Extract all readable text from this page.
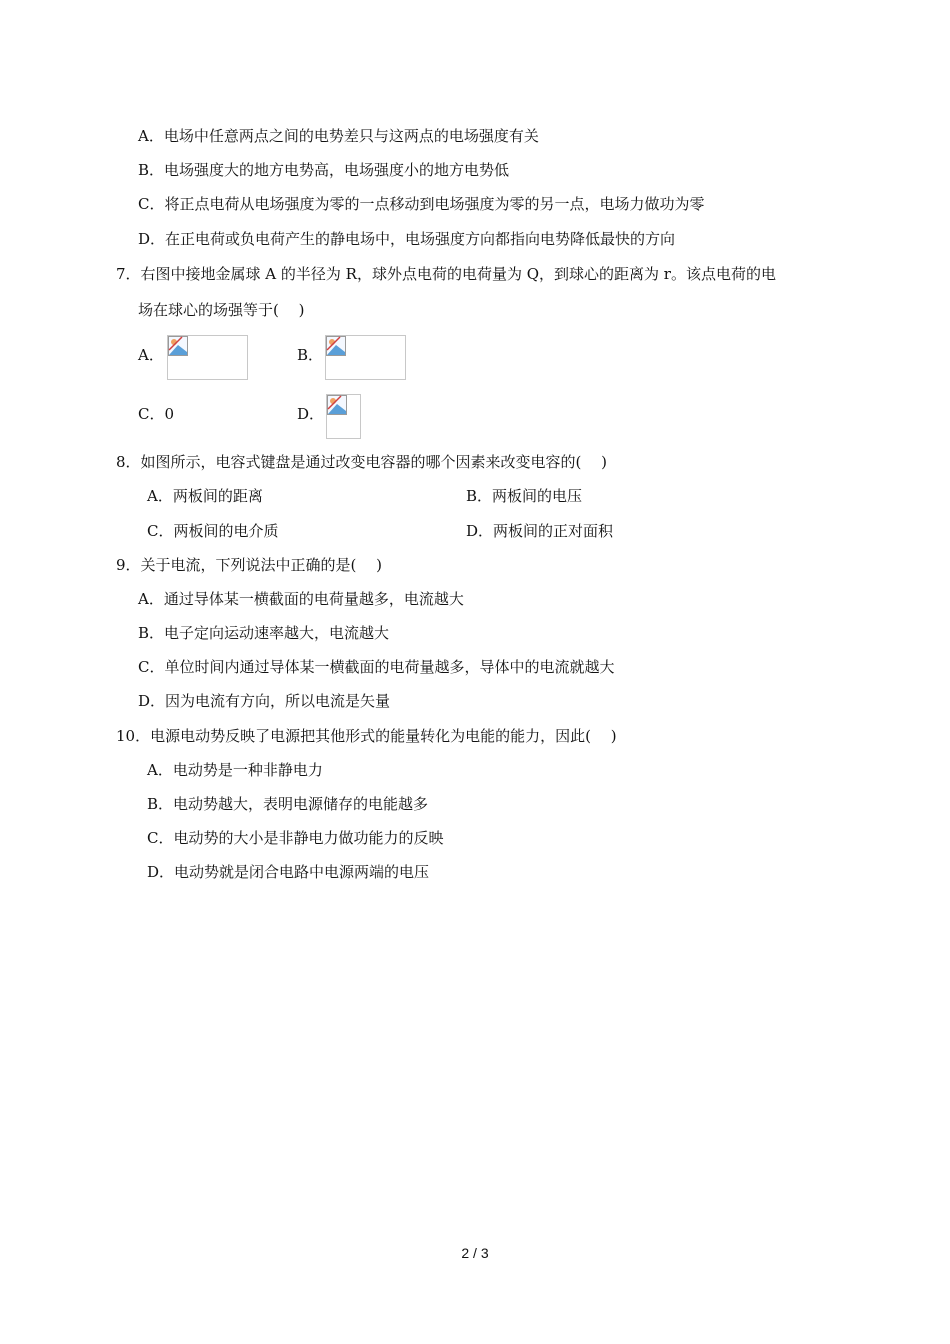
A．电场中任意两点之间的电势差只与这两点的电场强度有关
B．电场强度大的地方电势高，电场强度小的地方电势低
C．将正点电荷从电场强度为零的一点移动到电场强度为零的另一点，电场力做功为零
D．在正电荷或负电荷产生的静电场中，电场强度方向都指向电势降低最快的方向
7．右图中接地金属球 A 的半径为 R，球外点电荷的电荷量为 Q，到球心的距离为 r。该点电荷的电
场在球心的场强等于(　 )
A．	B．
C．0	D．
8．如图所示，电容式键盘是通过改变电容器的哪个因素来改变电容的(　 )
A．两板间的距离	B．两板间的电压
C．两板间的电介质	D．两板间的正对面积
9．关于电流，下列说法中正确的是(　 )
A．通过导体某一横截面的电荷量越多，电流越大
B．电子定向运动速率越大，电流越大
C．单位时间内通过导体某一横截面的电荷量越多，导体中的电流就越大
D．因为电流有方向，所以电流是矢量
10．电源电动势反映了电源把其他形式的能量转化为电能的能力，因此(　 )
A．电动势是一种非静电力
B．电动势越大，表明电源储存的电能越多
C．电动势的大小是非静电力做功能力的反映
D．电动势就是闭合电路中电源两端的电压
2 / 3
